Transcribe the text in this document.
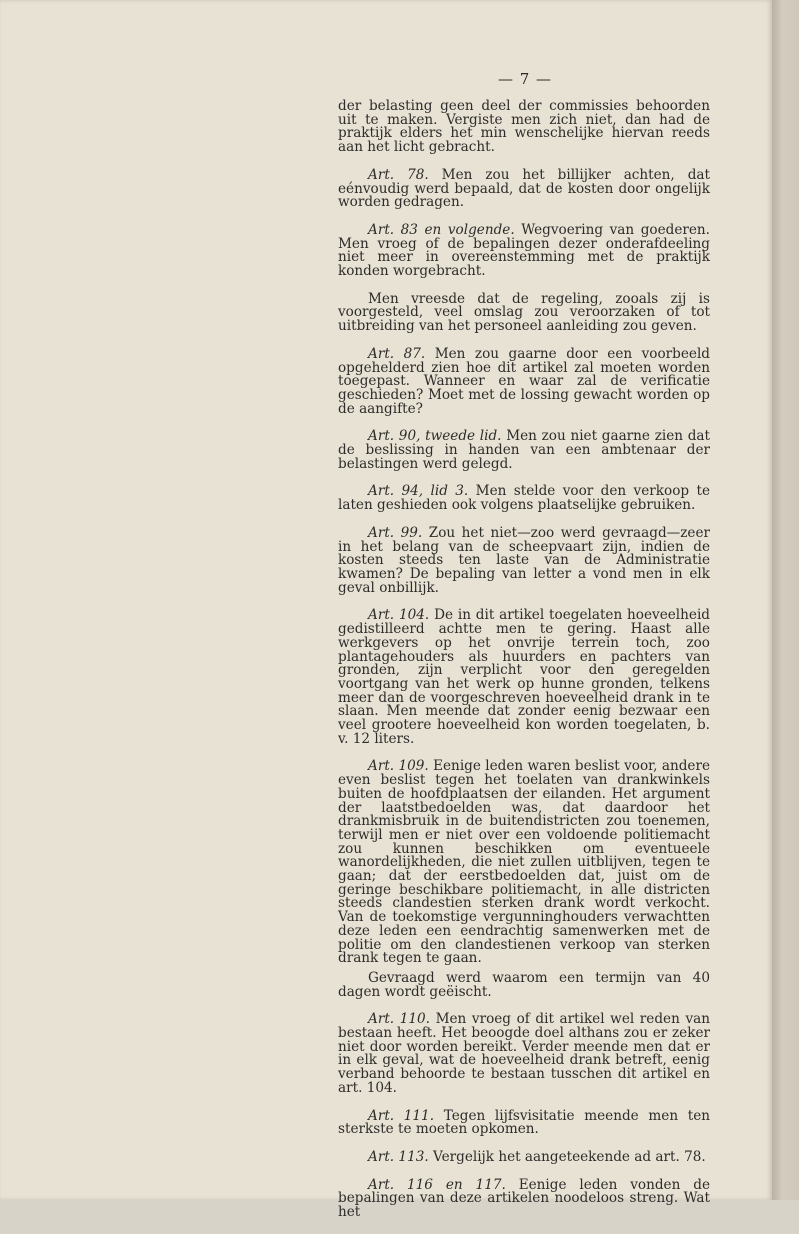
— 7 —

der belasting geen deel der commissies behoorden uit te maken. Vergiste men zich niet, dan had de praktijk elders het min wenschelijke hiervan reeds aan het licht gebracht.

Art. 78. Men zou het billijker achten, dat eénvoudig werd bepaald, dat de kosten door ongelijk worden gedragen.

Art. 83 en volgende. Wegvoering van goederen. Men vroeg of de bepalingen dezer onderafdeeling niet meer in overeenstemming met de praktijk konden worgebracht.

Men vreesde dat de regeling, zooals zij is voorgesteld, veel omslag zou veroorzaken of tot uitbreiding van het personeel aanleiding zou geven.

Art. 87. Men zou gaarne door een voorbeeld opgehelderd zien hoe dit artikel zal moeten worden toegepast. Wanneer en waar zal de verificatie geschieden? Moet met de lossing gewacht worden op de aangifte?

Art. 90, tweede lid. Men zou niet gaarne zien dat de beslissing in handen van een ambtenaar der belastingen werd gelegd.

Art. 94, lid 3. Men stelde voor den verkoop te laten geshieden ook volgens plaatselijke gebruiken.

Art. 99. Zou het niet—zoo werd gevraagd—zeer in het belang van de scheepvaart zijn, indien de kosten steeds ten laste van de Administratie kwamen? De bepaling van letter a vond men in elk geval onbillijk.

Art. 104. De in dit artikel toegelaten hoeveelheid gedistilleerd achtte men te gering. Haast alle werkgevers op het onvrije terrein toch, zoo plantagehouders als huurders en pachters van gronden, zijn verplicht voor den geregelden voortgang van het werk op hunne gronden, telkens meer dan de voorgeschreven hoeveelheid drank in te slaan. Men meende dat zonder eenig bezwaar een veel grootere hoeveelheid kon worden toegelaten, b. v. 12 liters.

Art. 109. Eenige leden waren beslist voor, andere even beslist tegen het toelaten van drankwinkels buiten de hoofdplaatsen der eilanden. Het argument der laatstbedoelden was, dat daardoor het drankmisbruik in de buitendistricten zou toenemen, terwijl men er niet over een voldoende politiemacht zou kunnen beschikken om eventueele wanordelijkheden, die niet zullen uitblijven, tegen te gaan; dat der eerstbedoelden dat, juist om de geringe beschikbare politiemacht, in alle districten steeds clandestien sterken drank wordt verkocht. Van de toekomstige vergunninghouders verwachtten deze leden een eendrachtig samenwerken met de politie om den clandestienen verkoop van sterken drank tegen te gaan.

Gevraagd werd waarom een termijn van 40 dagen wordt geëischt.

Art. 110. Men vroeg of dit artikel wel reden van bestaan heeft. Het beoogde doel althans zou er zeker niet door worden bereikt. Verder meende men dat er in elk geval, wat de hoeveelheid drank betreft, eenig verband behoorde te bestaan tusschen dit artikel en art. 104.

Art. 111. Tegen lijfsvisitatie meende men ten sterkste te moeten opkomen.

Art. 113. Vergelijk het aangeteekende ad art. 78.

Art. 116 en 117. Eenige leden vonden de bepalingen van deze artikelen noodeloos streng. Wat het
